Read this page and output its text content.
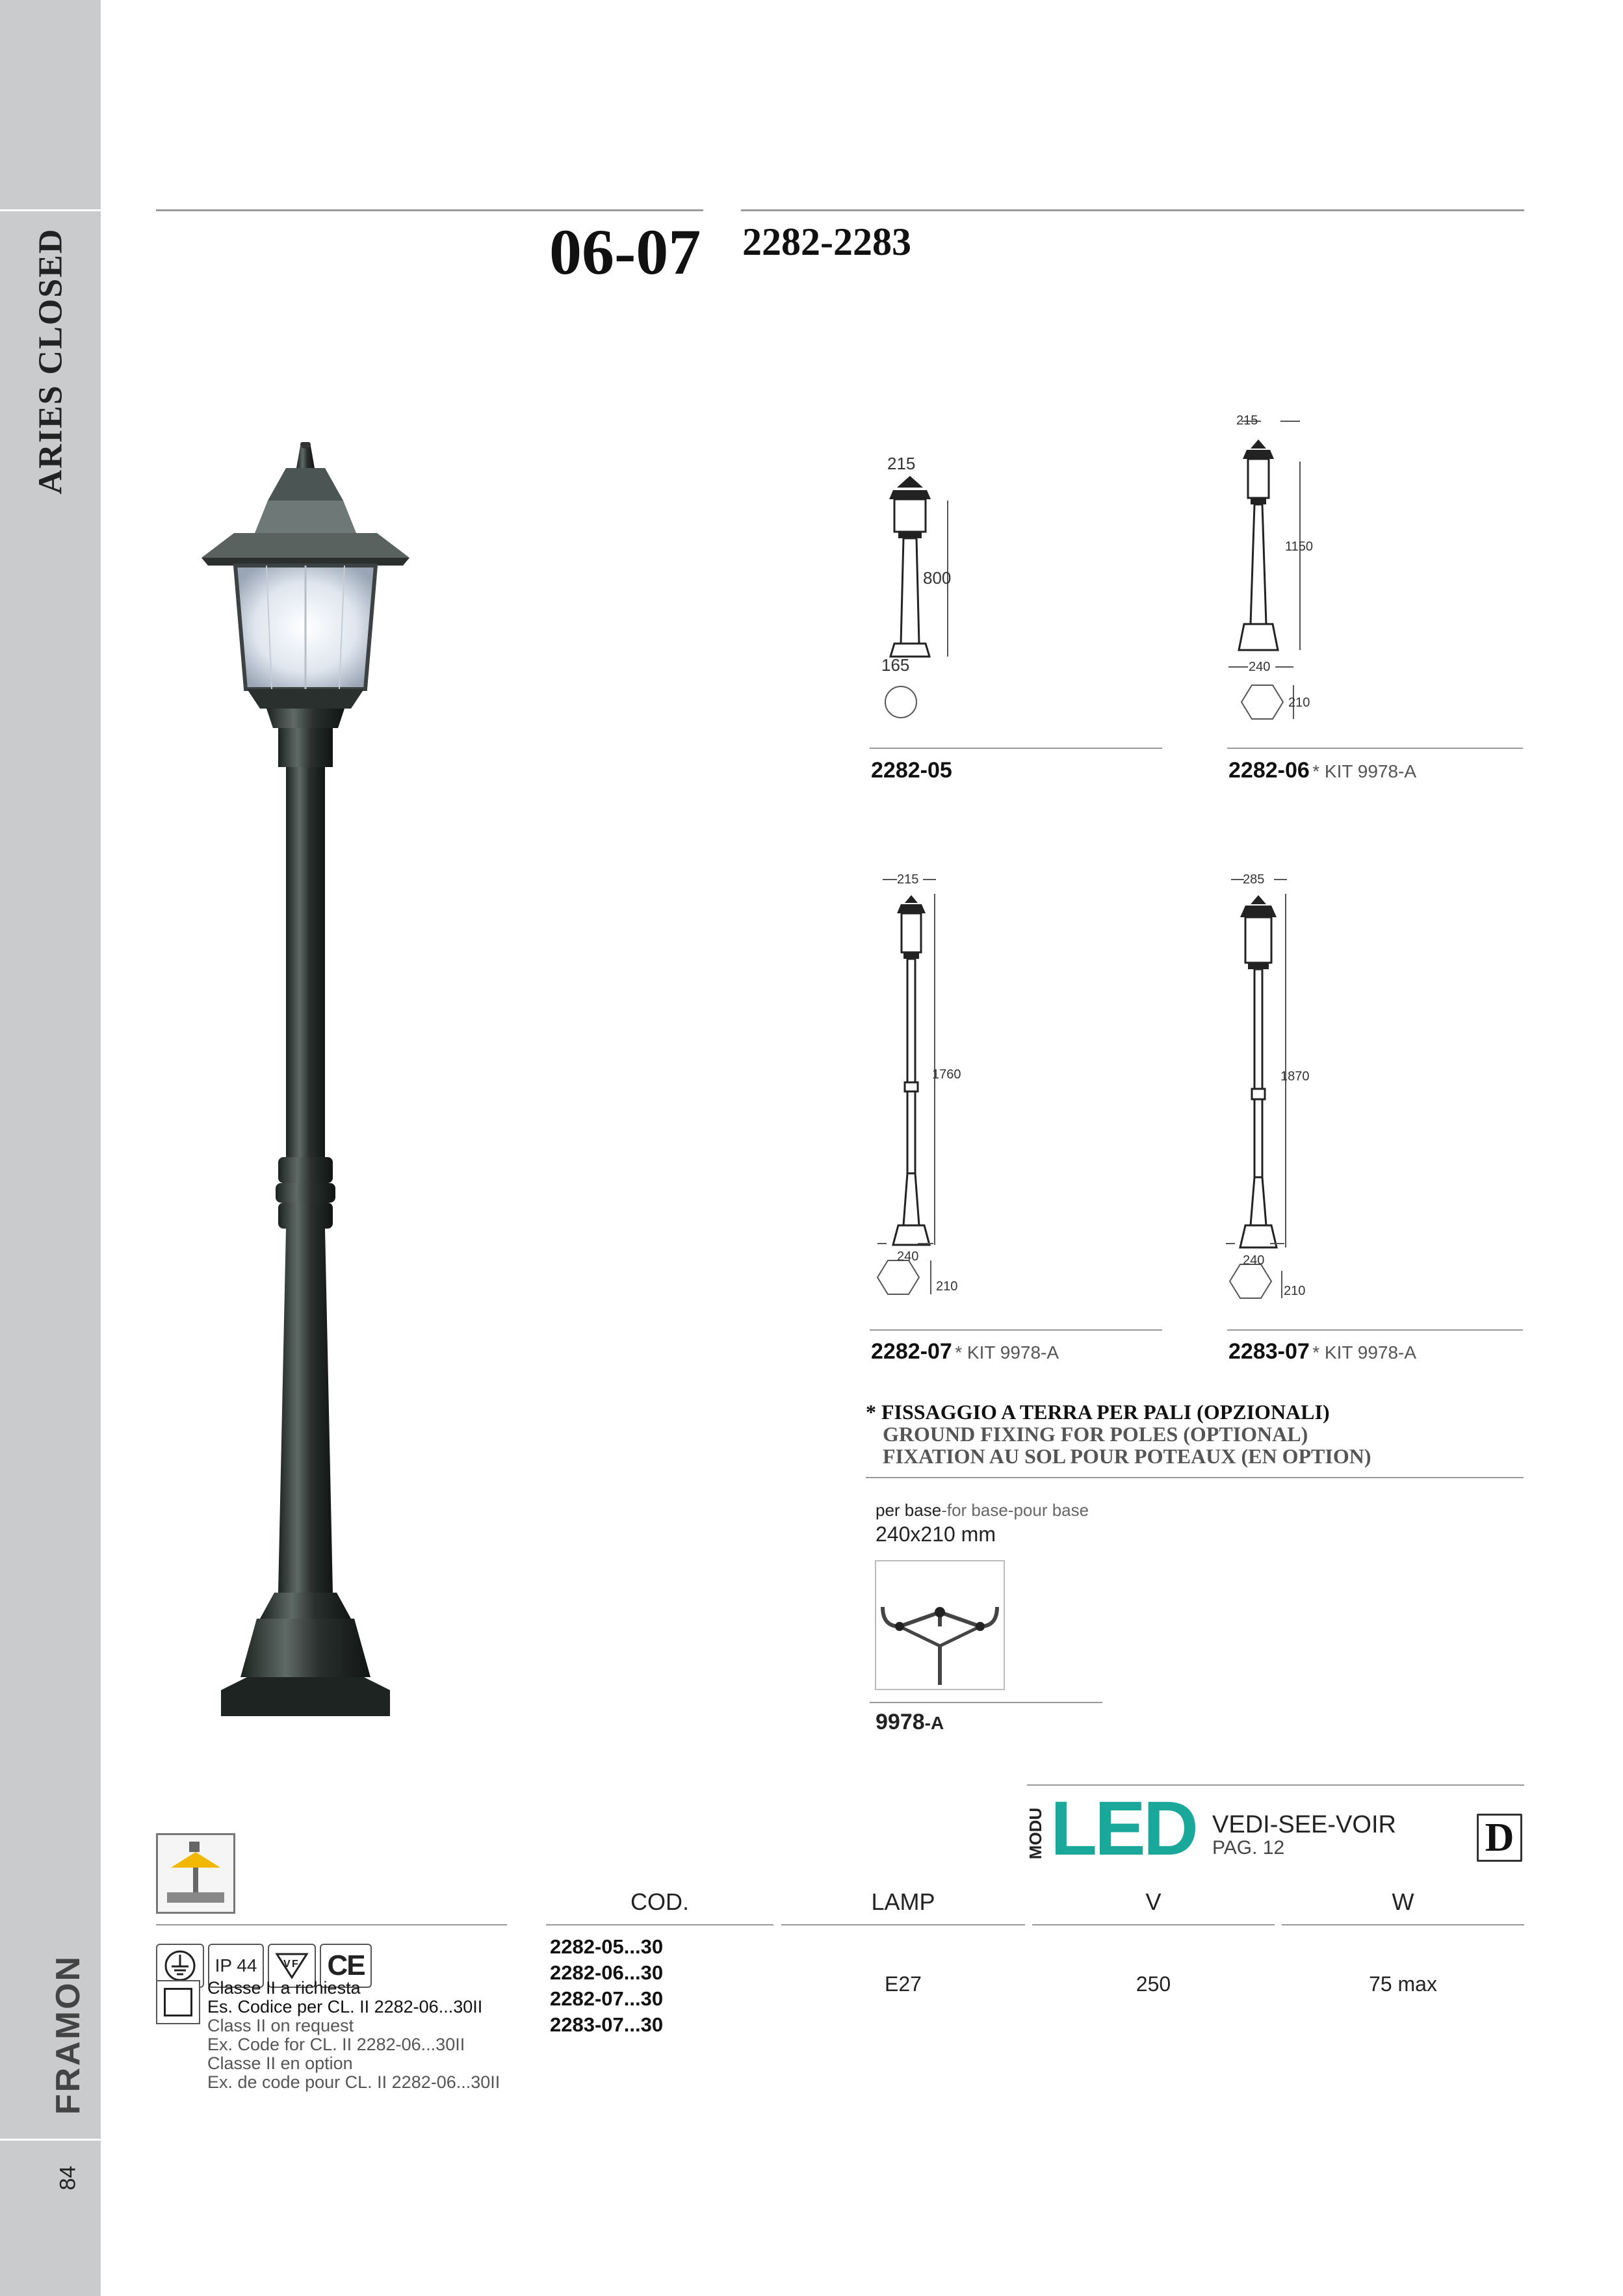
ARIES CLOSED
FRAMON
84
06-07 2282-2283
215
800
165
215
1150
240
210
215
1760
240
210
285
1870
240
210
2282-05	2282-06 * KIT 9978-A
2282-07 * KIT 9978-A	2283-07 * KIT 9978-A
* FISSAGGIO A TERRA PER PALI (OPZIONALI)
GROUND FIXING FOR POLES (OPTIONAL)
FIXATION AU SOL POUR POTEAUX (EN OPTION)
per base-for base-pour base
240x210 mm
9978-A
MODU LED VEDI-SEE-VOIR
PAG. 12	D
COD.	LAMP	V	W
2282-05...30
2282-06...30
2282-07...30
2283-07...30
E27	250	75 max
IP 44	V F CE
Classe II a richiesta
Es. Codice per CL. II 2282-06...30II
Class II on request
Ex. Code for CL. II 2282-06...30II
Classe II en option
Ex. de code pour CL. II 2282-06...30II
